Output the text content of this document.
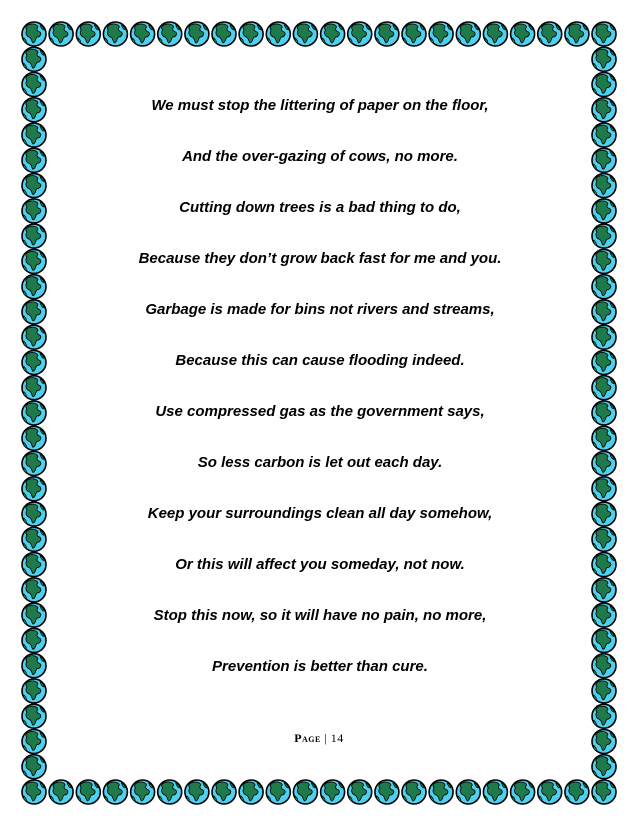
We must stop the littering of paper on the floor,
And the over-gazing of cows, no more.
Cutting down trees is a bad thing to do,
Because they don’t grow back fast for me and you.
Garbage is made for bins not rivers and streams,
Because this can cause flooding indeed.
Use compressed gas as the government says,
So less carbon is let out each day.
Keep your surroundings clean all day somehow,
Or this will affect you someday, not now.
Stop this now, so it will have no pain, no more,
Prevention is better than cure.
Page | 14
